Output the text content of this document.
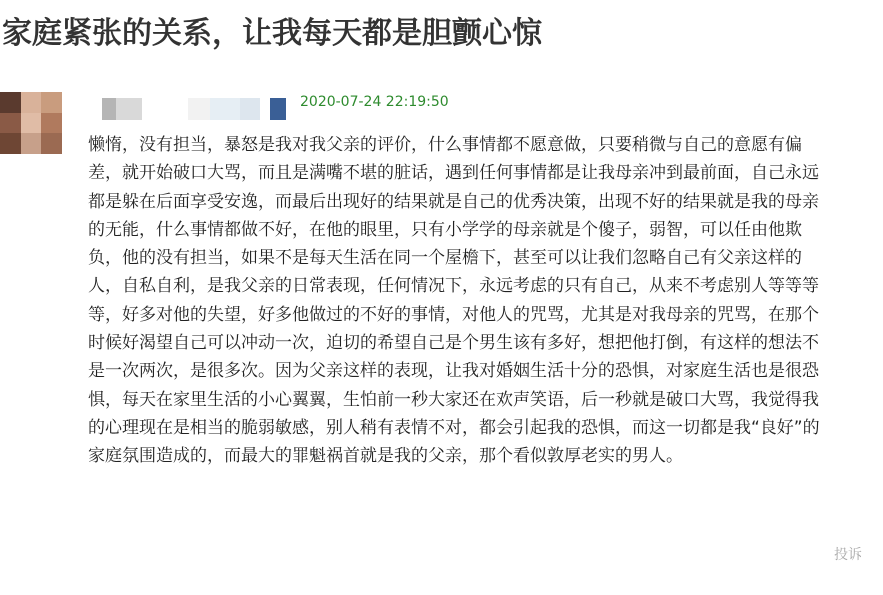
家庭紧张的关系，让我每天都是胆颤心惊
2020-07-24 22:19:50

懒惰，没有担当，暴怒是我对我父亲的评价，什么事情都不愿意做，只要稍微与自己的意愿有偏
差，就开始破口大骂，而且是满嘴不堪的脏话，遇到任何事情都是让我母亲冲到最前面，自己永远
都是躲在后面享受安逸，而最后出现好的结果就是自己的优秀决策，出现不好的结果就是我的母亲
的无能，什么事情都做不好，在他的眼里，只有小学学的母亲就是个傻子，弱智，可以任由他欺
负，他的没有担当，如果不是每天生活在同一个屋檐下，甚至可以让我们忽略自己有父亲这样的
人，自私自利，是我父亲的日常表现，任何情况下，永远考虑的只有自己，从来不考虑别人等等等
等，好多对他的失望，好多他做过的不好的事情，对他人的咒骂，尤其是对我母亲的咒骂，在那个
时候好渴望自己可以冲动一次，迫切的希望自己是个男生该有多好，想把他打倒，有这样的想法不
是一次两次，是很多次。因为父亲这样的表现，让我对婚姻生活十分的恐惧，对家庭生活也是很恐
惧，每天在家里生活的小心翼翼，生怕前一秒大家还在欢声笑语，后一秒就是破口大骂，我觉得我
的心理现在是相当的脆弱敏感，别人稍有表情不对，都会引起我的恐惧，而这一切都是我“良好”的
家庭氛围造成的，而最大的罪魁祸首就是我的父亲，那个看似敦厚老实的男人。

投诉
